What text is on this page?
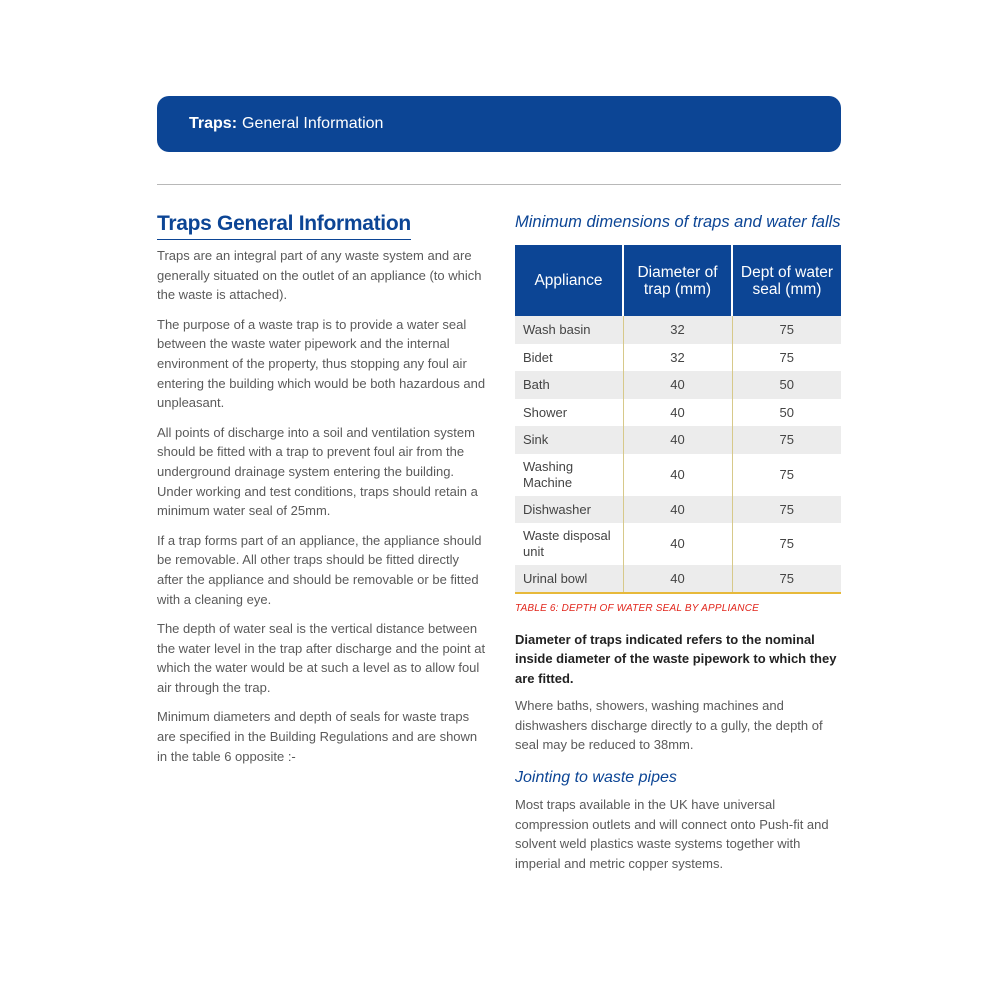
Traps: General Information
Traps General Information

Traps are an integral part of any waste system and are generally situated on the outlet of an appliance (to which the waste is attached).

The purpose of a waste trap is to provide a water seal between the waste water pipework and the internal environment of the property, thus stopping any foul air entering the building which would be both hazardous and unpleasant.

All points of discharge into a soil and ventilation system should be fitted with a trap to prevent foul air from the underground drainage system entering the building. Under working and test conditions, traps should retain a minimum water seal of 25mm.

If a trap forms part of an appliance, the appliance should be removable. All other traps should be fitted directly after the appliance and should be removable or be fitted with a cleaning eye.

The depth of water seal is the vertical distance between the water level in the trap after discharge and the point at which the water would be at such a level as to allow foul air through the trap.

Minimum diameters and depth of seals for waste traps are specified in the Building Regulations and are shown in the table 6 opposite :-

Minimum dimensions of traps and water falls
Appliance	Diameter of trap (mm)	Dept of water seal (mm)
Wash basin	32	75
Bidet	32	75
Bath	40	50
Shower	40	50
Sink	40	75
Washing Machine	40	75
Dishwasher	40	75
Waste disposal unit	40	75
Urinal bowl	40	75
TABLE 6: DEPTH OF WATER SEAL BY APPLIANCE

Diameter of traps indicated refers to the nominal inside diameter of the waste pipework to which they are fitted.

Where baths, showers, washing machines and dishwashers discharge directly to a gully, the depth of seal may be reduced to 38mm.

Jointing to waste pipes

Most traps available in the UK have universal compression outlets and will connect onto Push-fit and solvent weld plastics waste systems together with imperial and metric copper systems.
